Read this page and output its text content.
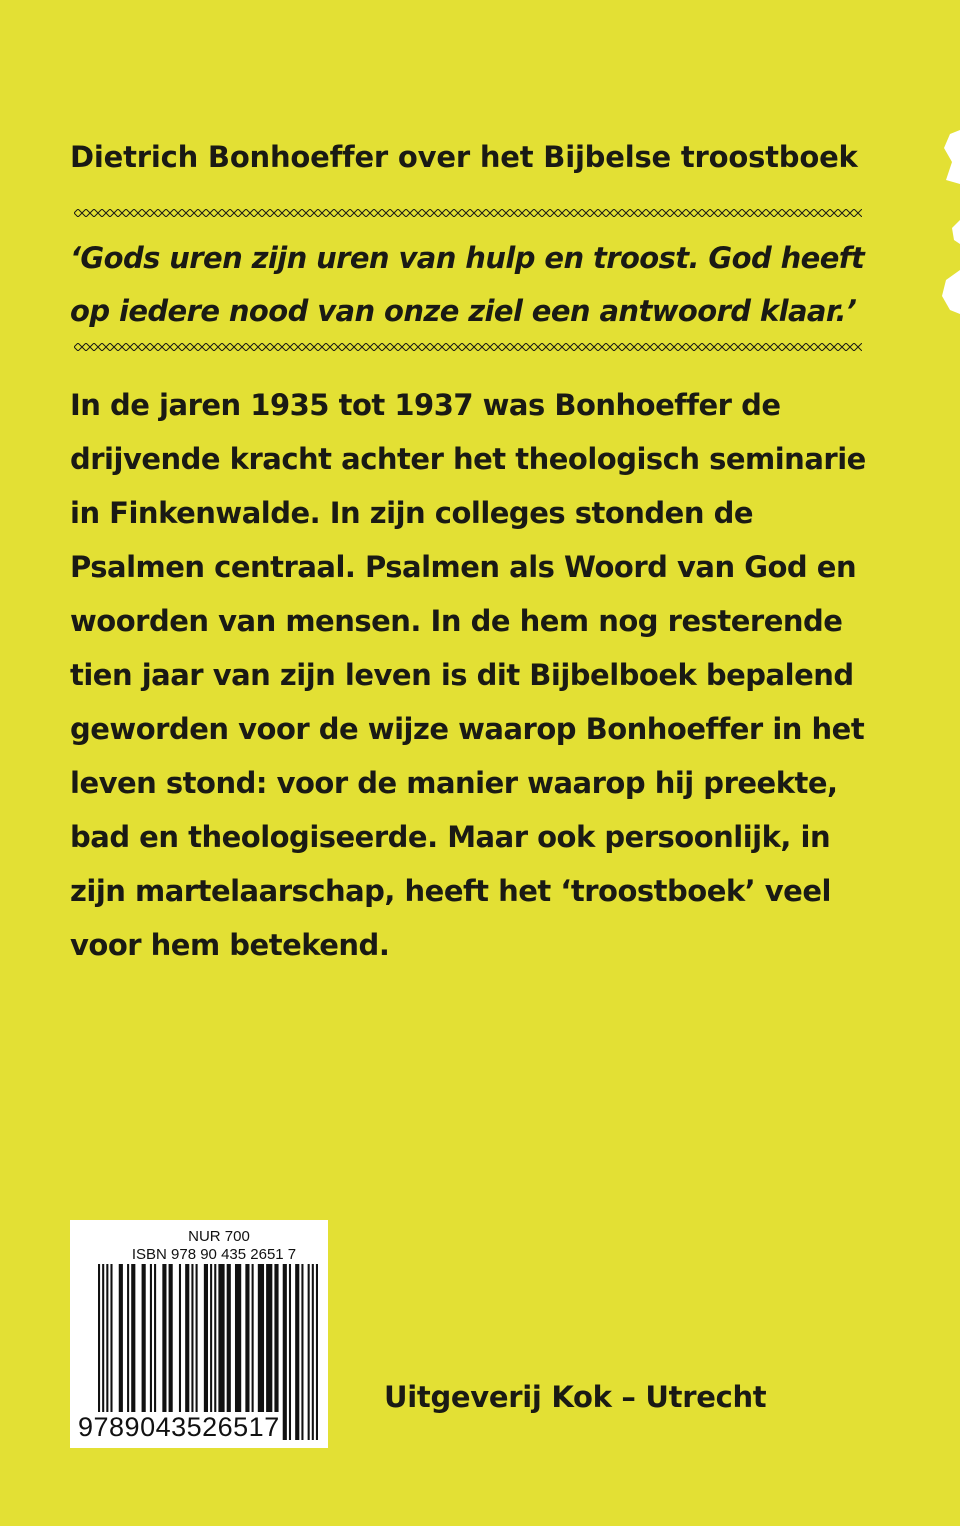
Dietrich Bonhoeffer over het Bijbelse troostboek
‘Gods uren zijn uren van hulp en troost. God heeft
op iedere nood van onze ziel een antwoord klaar.’
In de jaren 1935 tot 1937 was Bonhoeffer de
drijvende kracht achter het theologisch seminarie
in Finkenwalde. In zijn colleges stonden de
Psalmen centraal. Psalmen als Woord van God en
woorden van mensen. In de hem nog resterende
tien jaar van zijn leven is dit Bijbelboek bepalend
geworden voor de wijze waarop Bonhoeffer in het
leven stond: voor de manier waarop hij preekte,
bad en theologiseerde. Maar ook persoonlijk, in
zijn martelaarschap, heeft het ‘troostboek’ veel
voor hem betekend.
NUR 700
ISBN 978 90 435 2651 7
9789043526517
Uitgeverij Kok – Utrecht
